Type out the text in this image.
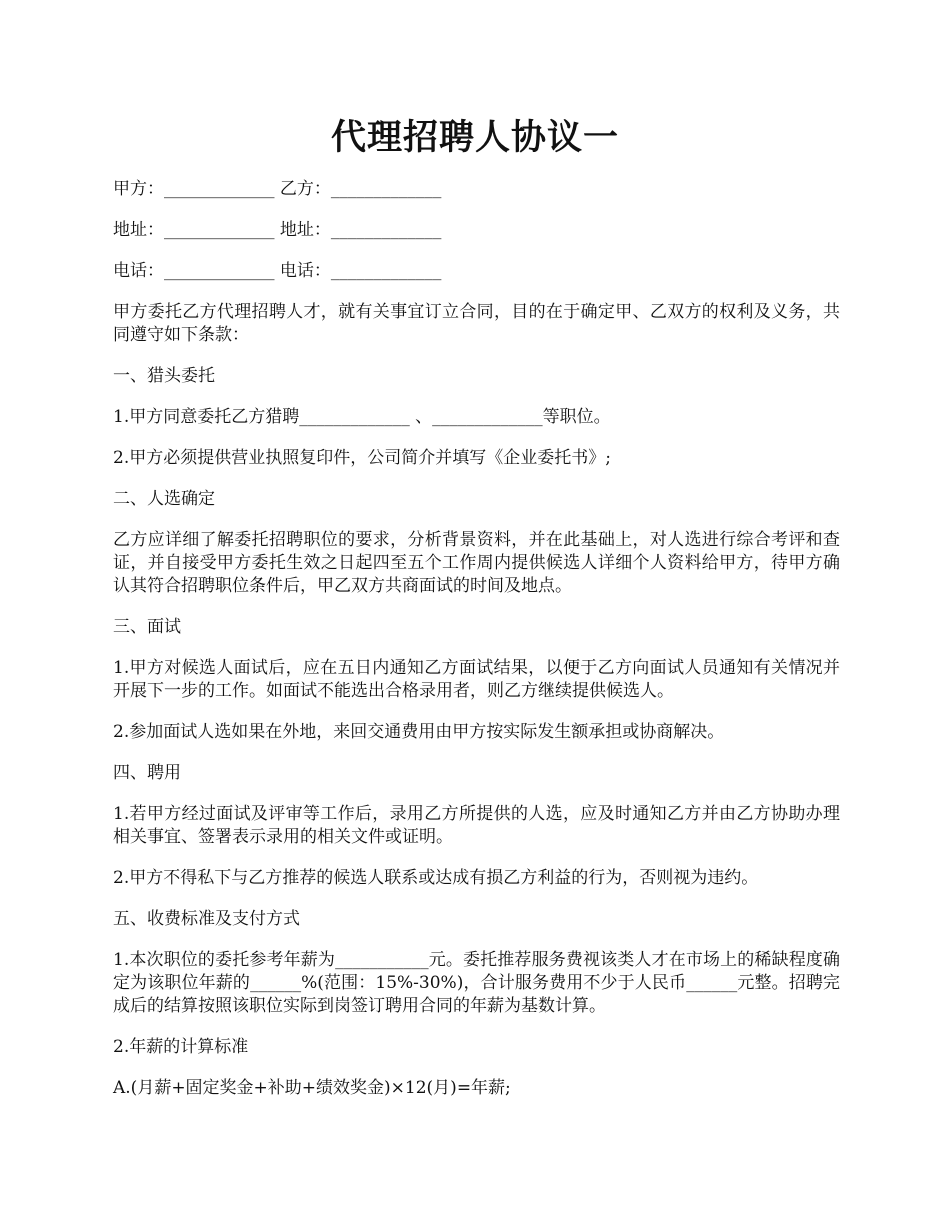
代理招聘人协议一

甲方：_____________ 乙方：_____________

地址：_____________ 地址：_____________

电话：_____________ 电话：_____________

甲方委托乙方代理招聘人才，就有关事宜订立合同，目的在于确定甲、乙双方的权利及义务，共同遵守如下条款：

一、猎头委托

1.甲方同意委托乙方猎聘_____________ 、_____________等职位。

2.甲方必须提供营业执照复印件，公司简介并填写《企业委托书》;

二、人选确定

乙方应详细了解委托招聘职位的要求，分析背景资料，并在此基础上，对人选进行综合考评和查证，并自接受甲方委托生效之日起四至五个工作周内提供候选人详细个人资料给甲方，待甲方确认其符合招聘职位条件后，甲乙双方共商面试的时间及地点。

三、面试

1.甲方对候选人面试后，应在五日内通知乙方面试结果，以便于乙方向面试人员通知有关情况并开展下一步的工作。如面试不能选出合格录用者，则乙方继续提供候选人。

2.参加面试人选如果在外地，来回交通费用由甲方按实际发生额承担或协商解决。

四、聘用

1.若甲方经过面试及评审等工作后，录用乙方所提供的人选，应及时通知乙方并由乙方协助办理相关事宜、签署表示录用的相关文件或证明。

2.甲方不得私下与乙方推荐的候选人联系或达成有损乙方利益的行为，否则视为违约。

五、收费标准及支付方式

1.本次职位的委托参考年薪为___________元。委托推荐服务费视该类人才在市场上的稀缺程度确定为该职位年薪的______%(范围：15%-30%)，合计服务费用不少于人民币______元整。招聘完成后的结算按照该职位实际到岗签订聘用合同的年薪为基数计算。

2.年薪的计算标准

A.(月薪+固定奖金+补助+绩效奖金)×12(月)=年薪;
